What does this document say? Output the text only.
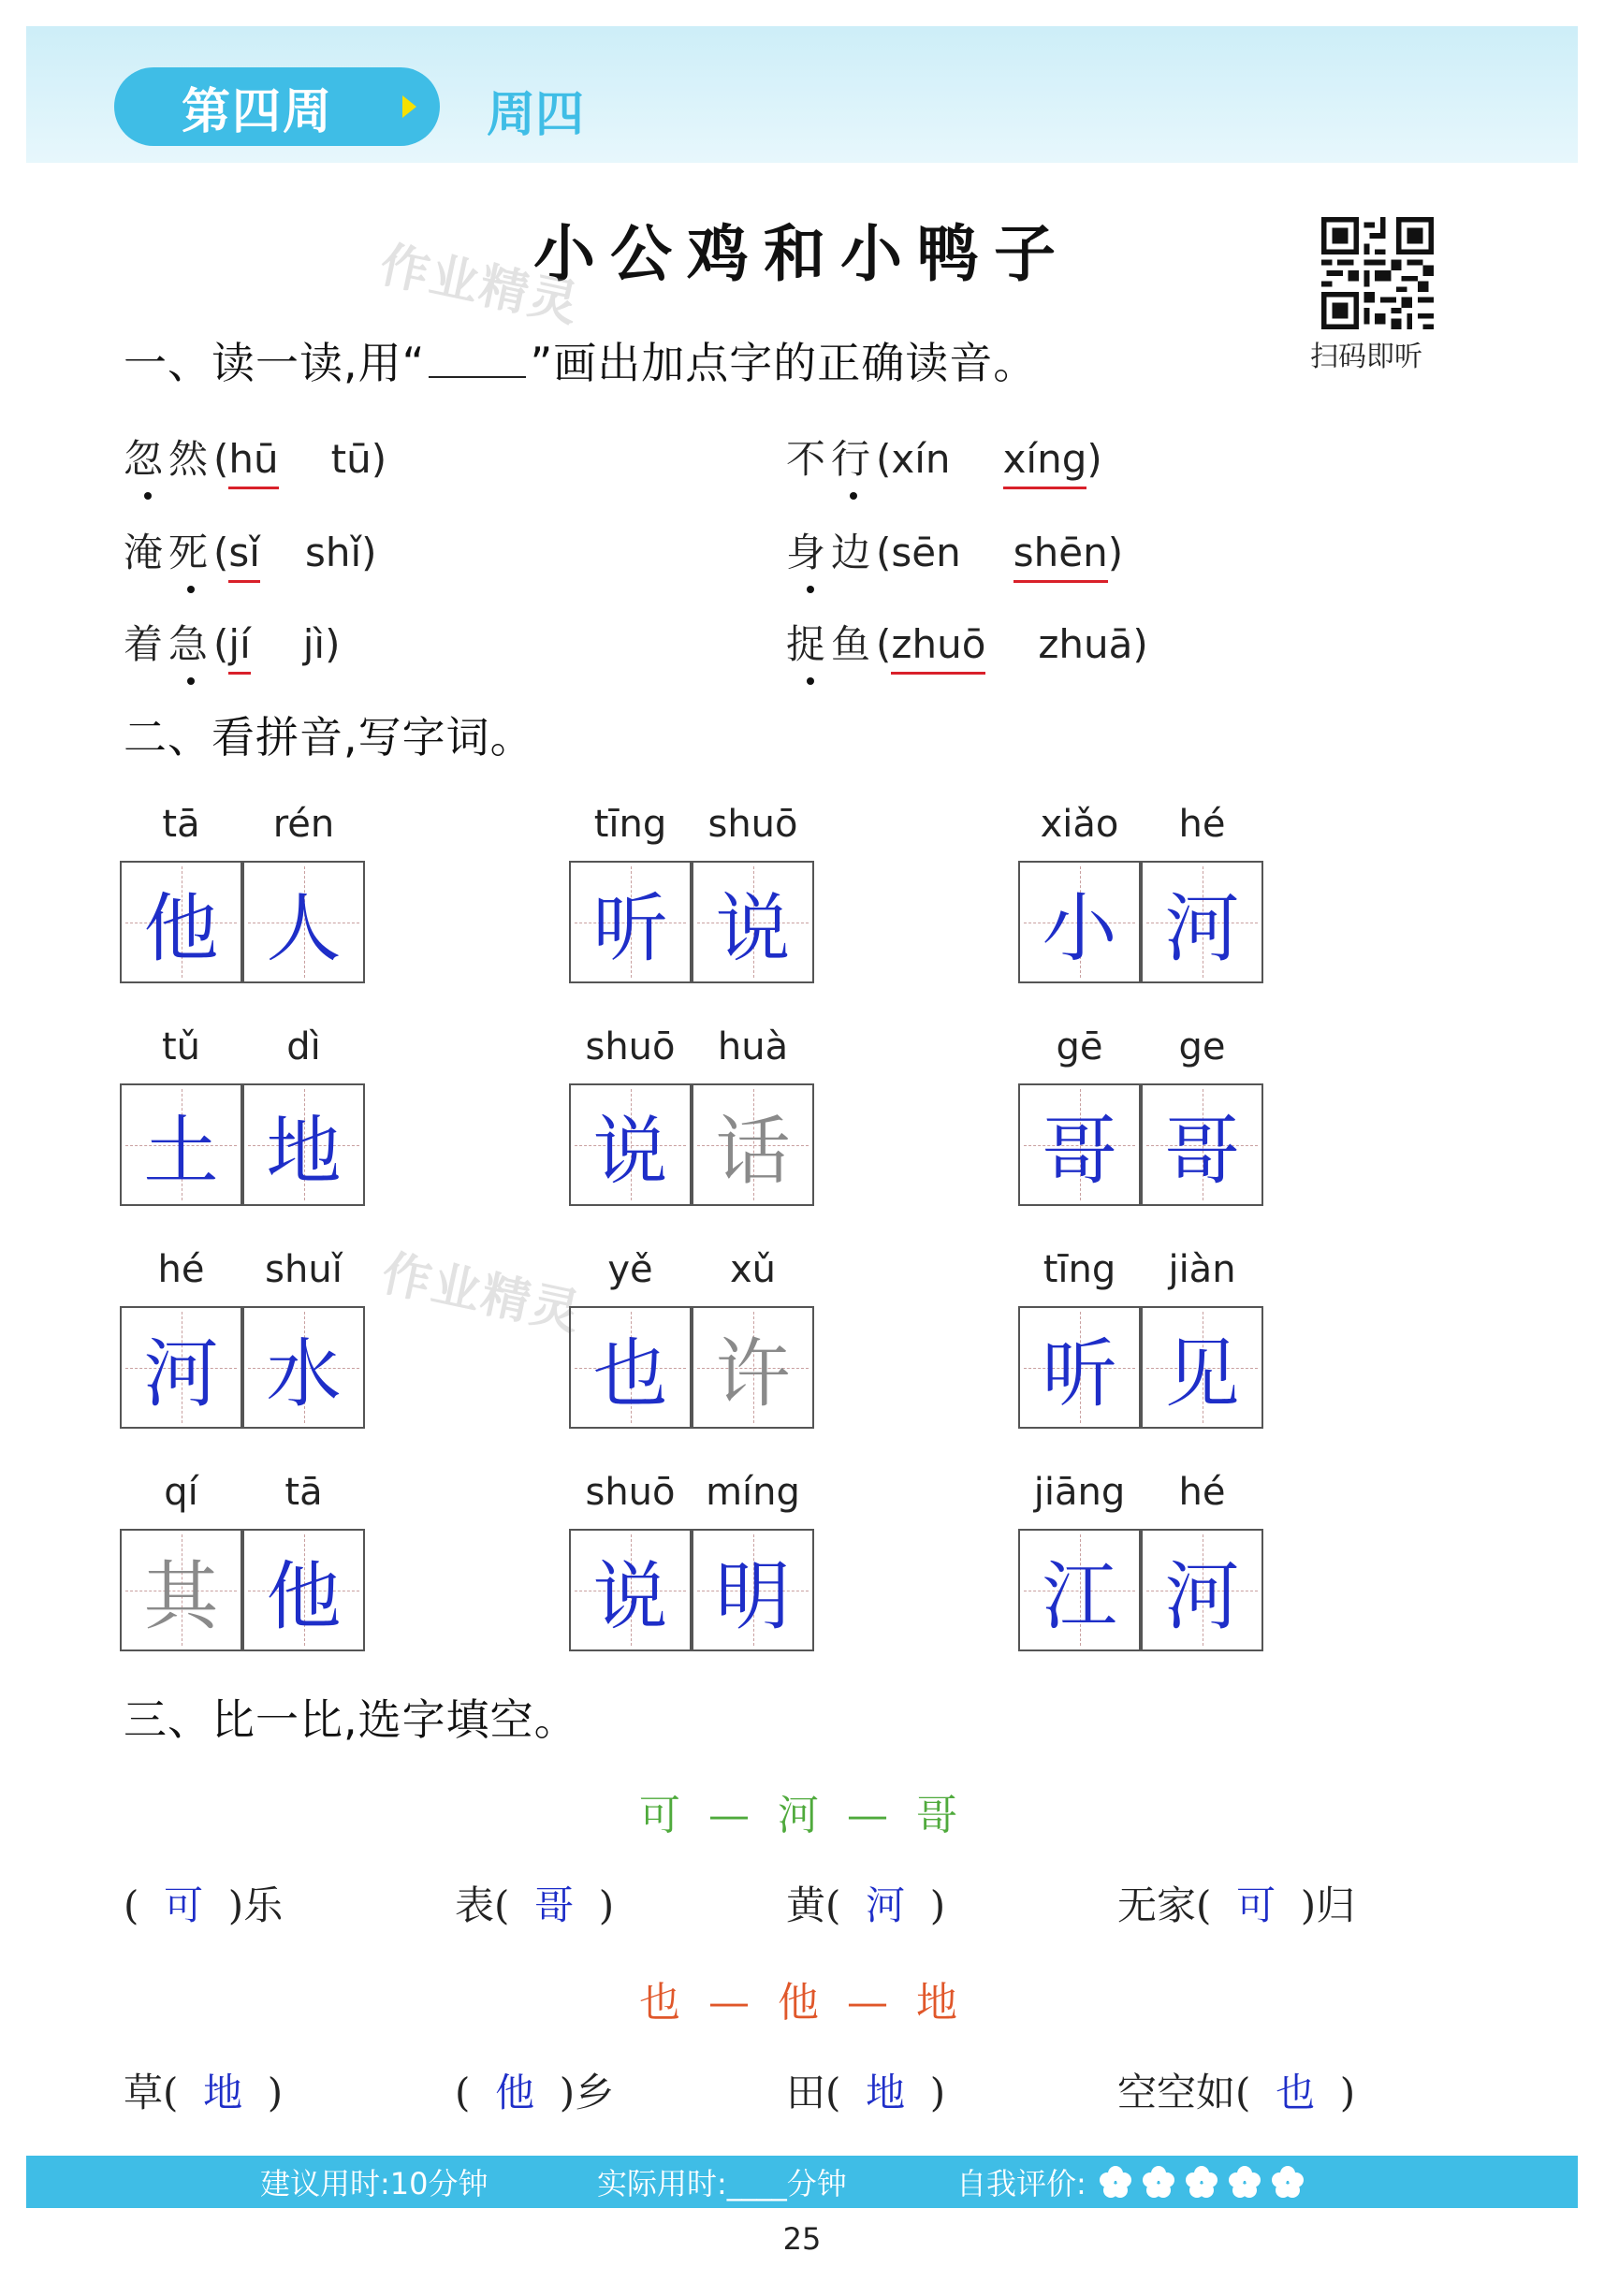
第四周	周四
小公鸡和小鸭子
作业精灵
作业精灵
扫码即听
一、读一读,用“ ”画出加点字的正确读音。
忽然 ( hū tū )	不行 ( xín xíng )
淹死 ( sǐ shǐ )	身边 ( sēn shēn )
着急 ( jí jì )	捉鱼 ( zhuō zhuā )
二、看拼音,写字词。
tā	rén
他 人
tīng	shuō
听 说
xiǎo	hé
小 河
tǔ	dì
土 地
shuō	huà
说 话
gē	ge
哥 哥
hé	shuǐ
河 水
yě	xǔ
也 许
tīng	jiàn
听 见
qí	tā
其 他
shuō míng
说 明
jiāng	hé
江 河
三、比一比,选字填空。
可 — 河 — 哥
(  可  )乐	表(  哥  )	黄(  河  )	无家(  可  )归
也 — 他 — 地
草(  地  )	(  他  )乡	田(  地  )	空空如(  也  )
建议用时:10分钟	实际用时:____分钟	自我评价:
25
